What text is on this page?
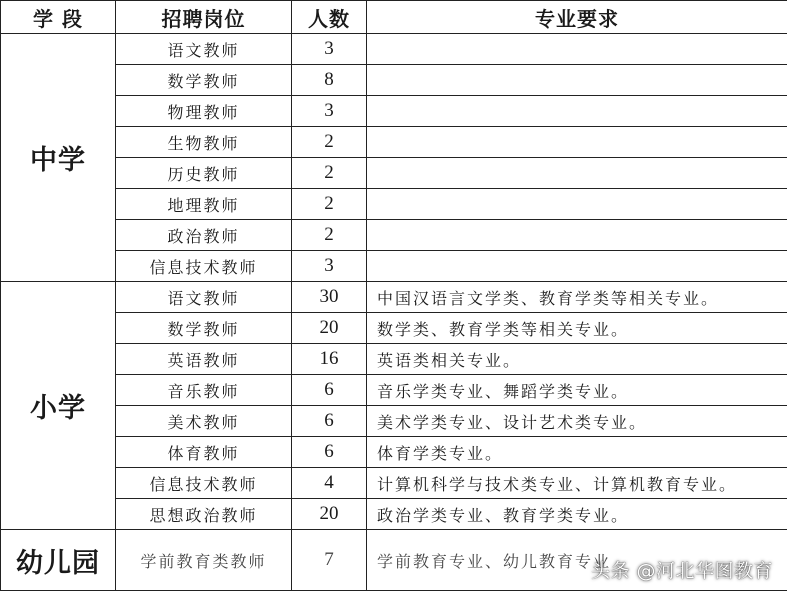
学 段	招聘岗位	人数	专业要求
中学	语文教师	3	
	数学教师	8	
	物理教师	3	
	生物教师	2	
	历史教师	2	
	地理教师	2	
	政治教师	2	
	信息技术教师	3	
小学	语文教师	30	中国汉语言文学类、教育学类等相关专业。
	数学教师	20	数学类、教育学类等相关专业。
	英语教师	16	英语类相关专业。
	音乐教师	6	音乐学类专业、舞蹈学类专业。
	美术教师	6	美术学类专业、设计艺术类专业。
	体育教师	6	体育学类专业。
	信息技术教师	4	计算机科学与技术类专业、计算机教育专业。
	思想政治教师	20	政治学类专业、教育学类专业。
幼儿园	学前教育类教师	7	学前教育专业、幼儿教育专业
头条 @河北华图教育
